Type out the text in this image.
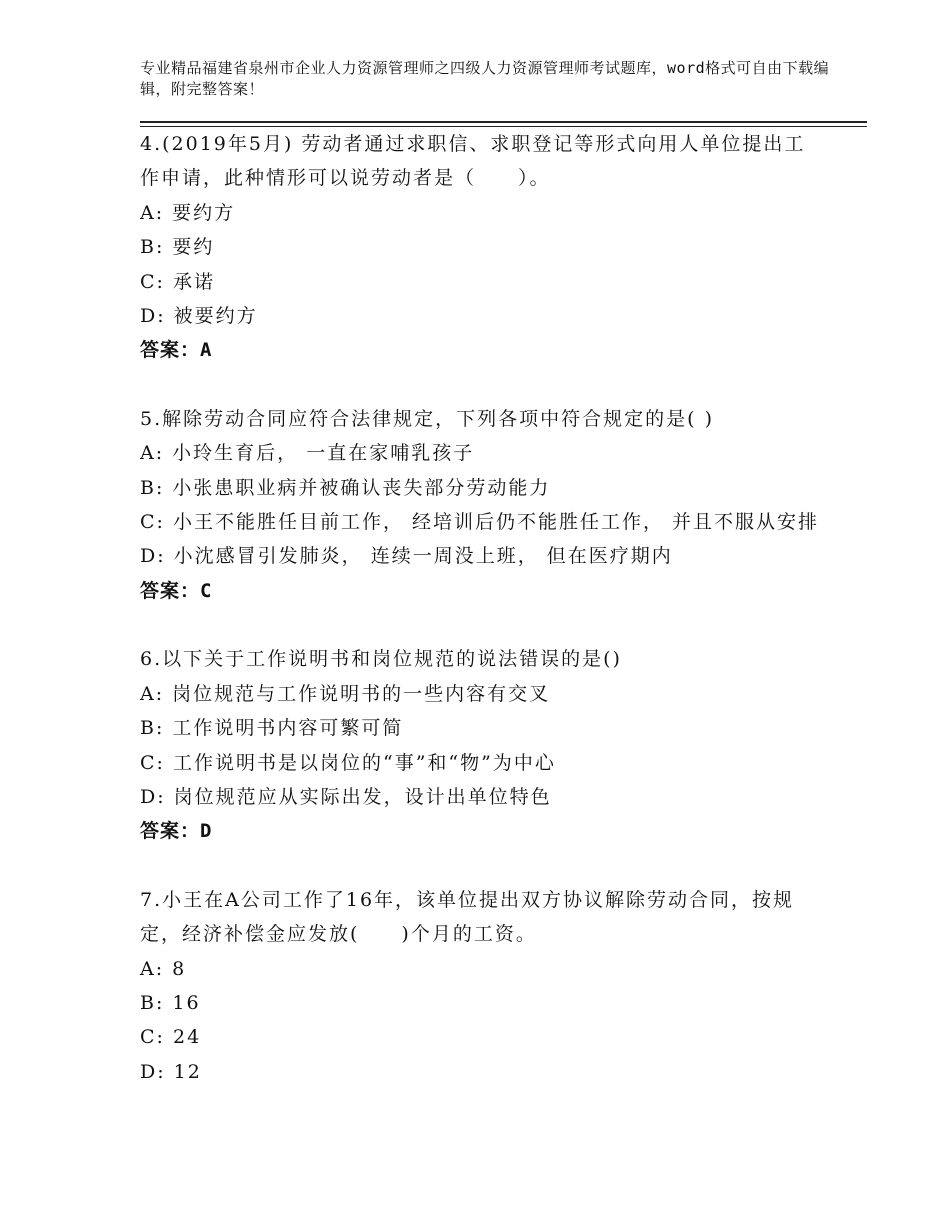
专业精品福建省泉州市企业人力资源管理师之四级人力资源管理师考试题库，word格式可自由下载编辑，附完整答案！
4.(2019年5月) 劳动者通过求职信、求职登记等形式向用人单位提出工作申请，此种情形可以说劳动者是（　　）。
A: 要约方
B: 要约
C: 承诺
D: 被要约方
答案：A
5.解除劳动合同应符合法律规定，下列各项中符合规定的是( )
A: 小玲生育后， 一直在家哺乳孩子
B: 小张患职业病并被确认丧失部分劳动能力
C: 小王不能胜任目前工作， 经培训后仍不能胜任工作， 并且不服从安排
D: 小沈感冒引发肺炎， 连续一周没上班， 但在医疗期内
答案：C
6.以下关于工作说明书和岗位规范的说法错误的是()
A: 岗位规范与工作说明书的一些内容有交叉
B: 工作说明书内容可繁可简
C: 工作说明书是以岗位的“事”和“物”为中心
D: 岗位规范应从实际出发，设计出单位特色
答案：D
7.小王在A公司工作了16年，该单位提出双方协议解除劳动合同，按规定，经济补偿金应发放(　　)个月的工资。
A: 8
B: 16
C: 24
D: 12
